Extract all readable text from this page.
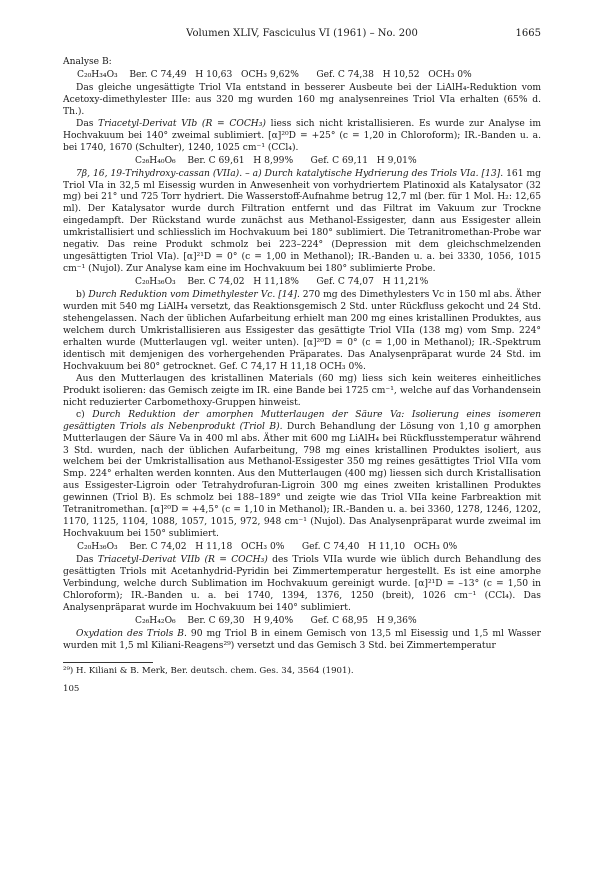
Volumen XLIV, Fasciculus VI (1961) – No. 200	1665

Analyse B:

C₂₀H₃₄O₃    Ber. C 74,49   H 10,63   OCH₃ 9,62%      Gef. C 74,38   H 10,52   OCH₃ 0%

Das gleiche ungesättigte Triol VIa entstand in besserer Ausbeute bei der LiAlH₄-Reduktion vom Acetoxy-dimethylester IIIe: aus 320 mg wurden 160 mg analysenreines Triol VIa erhalten (65% d. Th.).

Das Triacetyl-Derivat VIb (R = COCH₃) liess sich nicht kristallisieren. Es wurde zur Analyse im Hochvakuum bei 140° zweimal sublimiert. [α]²⁰D = +25° (c = 1,20 in Chloroform); IR.-Banden u. a. bei 1740, 1670 (Schulter), 1240, 1025 cm⁻¹ (CCl₄).

C₂₆H₄₀O₆    Ber. C 69,61   H 8,99%      Gef. C 69,11   H 9,01%

7β, 16, 19-Trihydroxy-cassan (VIIa). – a) Durch katalytische Hydrierung des Triols VIa. [13]. 161 mg Triol VIa in 32,5 ml Eisessig wurden in Anwesenheit von vorhydriertem Platinoxid als Katalysator (32 mg) bei 21° und 725 Torr hydriert. Die Wasserstoff-Aufnahme betrug 12,7 ml (ber. für 1 Mol. H₂: 12,65 ml). Der Katalysator wurde durch Filtration entfernt und das Filtrat im Vakuum zur Trockne eingedampft. Der Rückstand wurde zunächst aus Methanol-Essigester, dann aus Essigester allein umkristallisiert und schliesslich im Hochvakuum bei 180° sublimiert. Die Tetranitromethan-Probe war negativ. Das reine Produkt schmolz bei 223–224° (Depression mit dem gleichschmelzenden ungesättigten Triol VIa). [α]²¹D = 0° (c = 1,00 in Methanol); IR.-Banden u. a. bei 3330, 1056, 1015 cm⁻¹ (Nujol). Zur Analyse kam eine im Hochvakuum bei 180° sublimierte Probe.

C₂₀H₃₆O₃    Ber. C 74,02   H 11,18%      Gef. C 74,07   H 11,21%

b) Durch Reduktion vom Dimethylester Vc. [14]. 270 mg des Dimethylesters Vc in 150 ml abs. Äther wurden mit 540 mg LiAlH₄ versetzt, das Reaktionsgemisch 2 Std. unter Rückfluss gekocht und 24 Std. stehengelassen. Nach der üblichen Aufarbeitung erhielt man 200 mg eines kristallinen Produktes, aus welchem durch Umkristallisieren aus Essigester das gesättigte Triol VIIa (138 mg) vom Smp. 224° erhalten wurde (Mutterlaugen vgl. weiter unten). [α]²⁰D = 0° (c = 1,00 in Methanol); IR.-Spektrum identisch mit demjenigen des vorhergehenden Präparates. Das Analysenpräparat wurde 24 Std. im Hochvakuum bei 80° getrocknet. Gef. C 74,17 H 11,18 OCH₃ 0%.

Aus den Mutterlaugen des kristallinen Materials (60 mg) liess sich kein weiteres einheitliches Produkt isolieren: das Gemisch zeigte im IR. eine Bande bei 1725 cm⁻¹, welche auf das Vorhandensein nicht reduzierter Carbomethoxy-Gruppen hinweist.

c) Durch Reduktion der amorphen Mutterlaugen der Säure Va: Isolierung eines isomeren gesättigten Triols als Nebenprodukt (Triol B). Durch Behandlung der Lösung von 1,10 g amorphen Mutterlaugen der Säure Va in 400 ml abs. Äther mit 600 mg LiAlH₄ bei Rückflusstemperatur während 3 Std. wurden, nach der üblichen Aufarbeitung, 798 mg eines kristallinen Produktes isoliert, aus welchem bei der Umkristallisation aus Methanol-Essigester 350 mg reines gesättigtes Triol VIIa vom Smp. 224° erhalten werden konnten. Aus den Mutterlaugen (400 mg) liessen sich durch Kristallisation aus Essigester-Ligroin oder Tetrahydrofuran-Ligroin 300 mg eines zweiten kristallinen Produktes gewinnen (Triol B). Es schmolz bei 188–189° und zeigte wie das Triol VIIa keine Farbreaktion mit Tetranitromethan. [α]²⁰D = +4,5° (c = 1,10 in Methanol); IR.-Banden u. a. bei 3360, 1278, 1246, 1202, 1170, 1125, 1104, 1088, 1057, 1015, 972, 948 cm⁻¹ (Nujol). Das Analysenpräparat wurde zweimal im Hochvakuum bei 150° sublimiert.

C₂₀H₃₆O₃    Ber. C 74,02   H 11,18   OCH₃ 0%      Gef. C 74,40   H 11,10   OCH₃ 0%

Das Triacetyl-Derivat VIIb (R = COCH₃) des Triols VIIa wurde wie üblich durch Behandlung des gesättigten Triols mit Acetanhydrid-Pyridin bei Zimmertemperatur hergestellt. Es ist eine amorphe Verbindung, welche durch Sublimation im Hochvakuum gereinigt wurde. [α]²¹D = –13° (c = 1,50 in Chloroform); IR.-Banden u. a. bei 1740, 1394, 1376, 1250 (breit), 1026 cm⁻¹ (CCl₄). Das Analysenpräparat wurde im Hochvakuum bei 140° sublimiert.

C₂₆H₄₂O₆    Ber. C 69,30   H 9,40%      Gef. C 68,95   H 9,36%

Oxydation des Triols B. 90 mg Triol B in einem Gemisch von 13,5 ml Eisessig und 1,5 ml Wasser wurden mit 1,5 ml Kiliani-Reagens²⁹) versetzt und das Gemisch 3 Std. bei Zimmertemperatur

²⁹) H. Kiliani & B. Merk, Ber. deutsch. chem. Ges. 34, 3564 (1901).

105
